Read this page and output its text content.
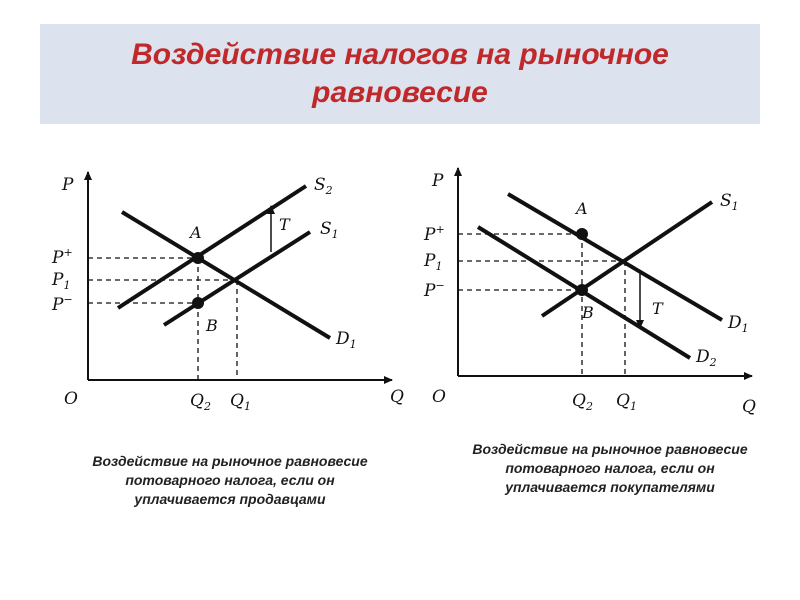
Воздействие налогов на рыночное равновесие
P
Q
O
P+
$P_1$
P−
$Q_2$ $Q_1$
$S_2$
$S_1$
$D_1$
A
B
T
P
Q
O
P+
$P_1$
P−
$Q_2$ $Q_1$
$S_1$
$D_1$
$D_2$
A
B	T
Воздействие на рыночное равновесие потоварного налога, если он уплачивается продавцами
Воздействие на рыночное равновесие потоварного налога, если он уплачивается покупателями
